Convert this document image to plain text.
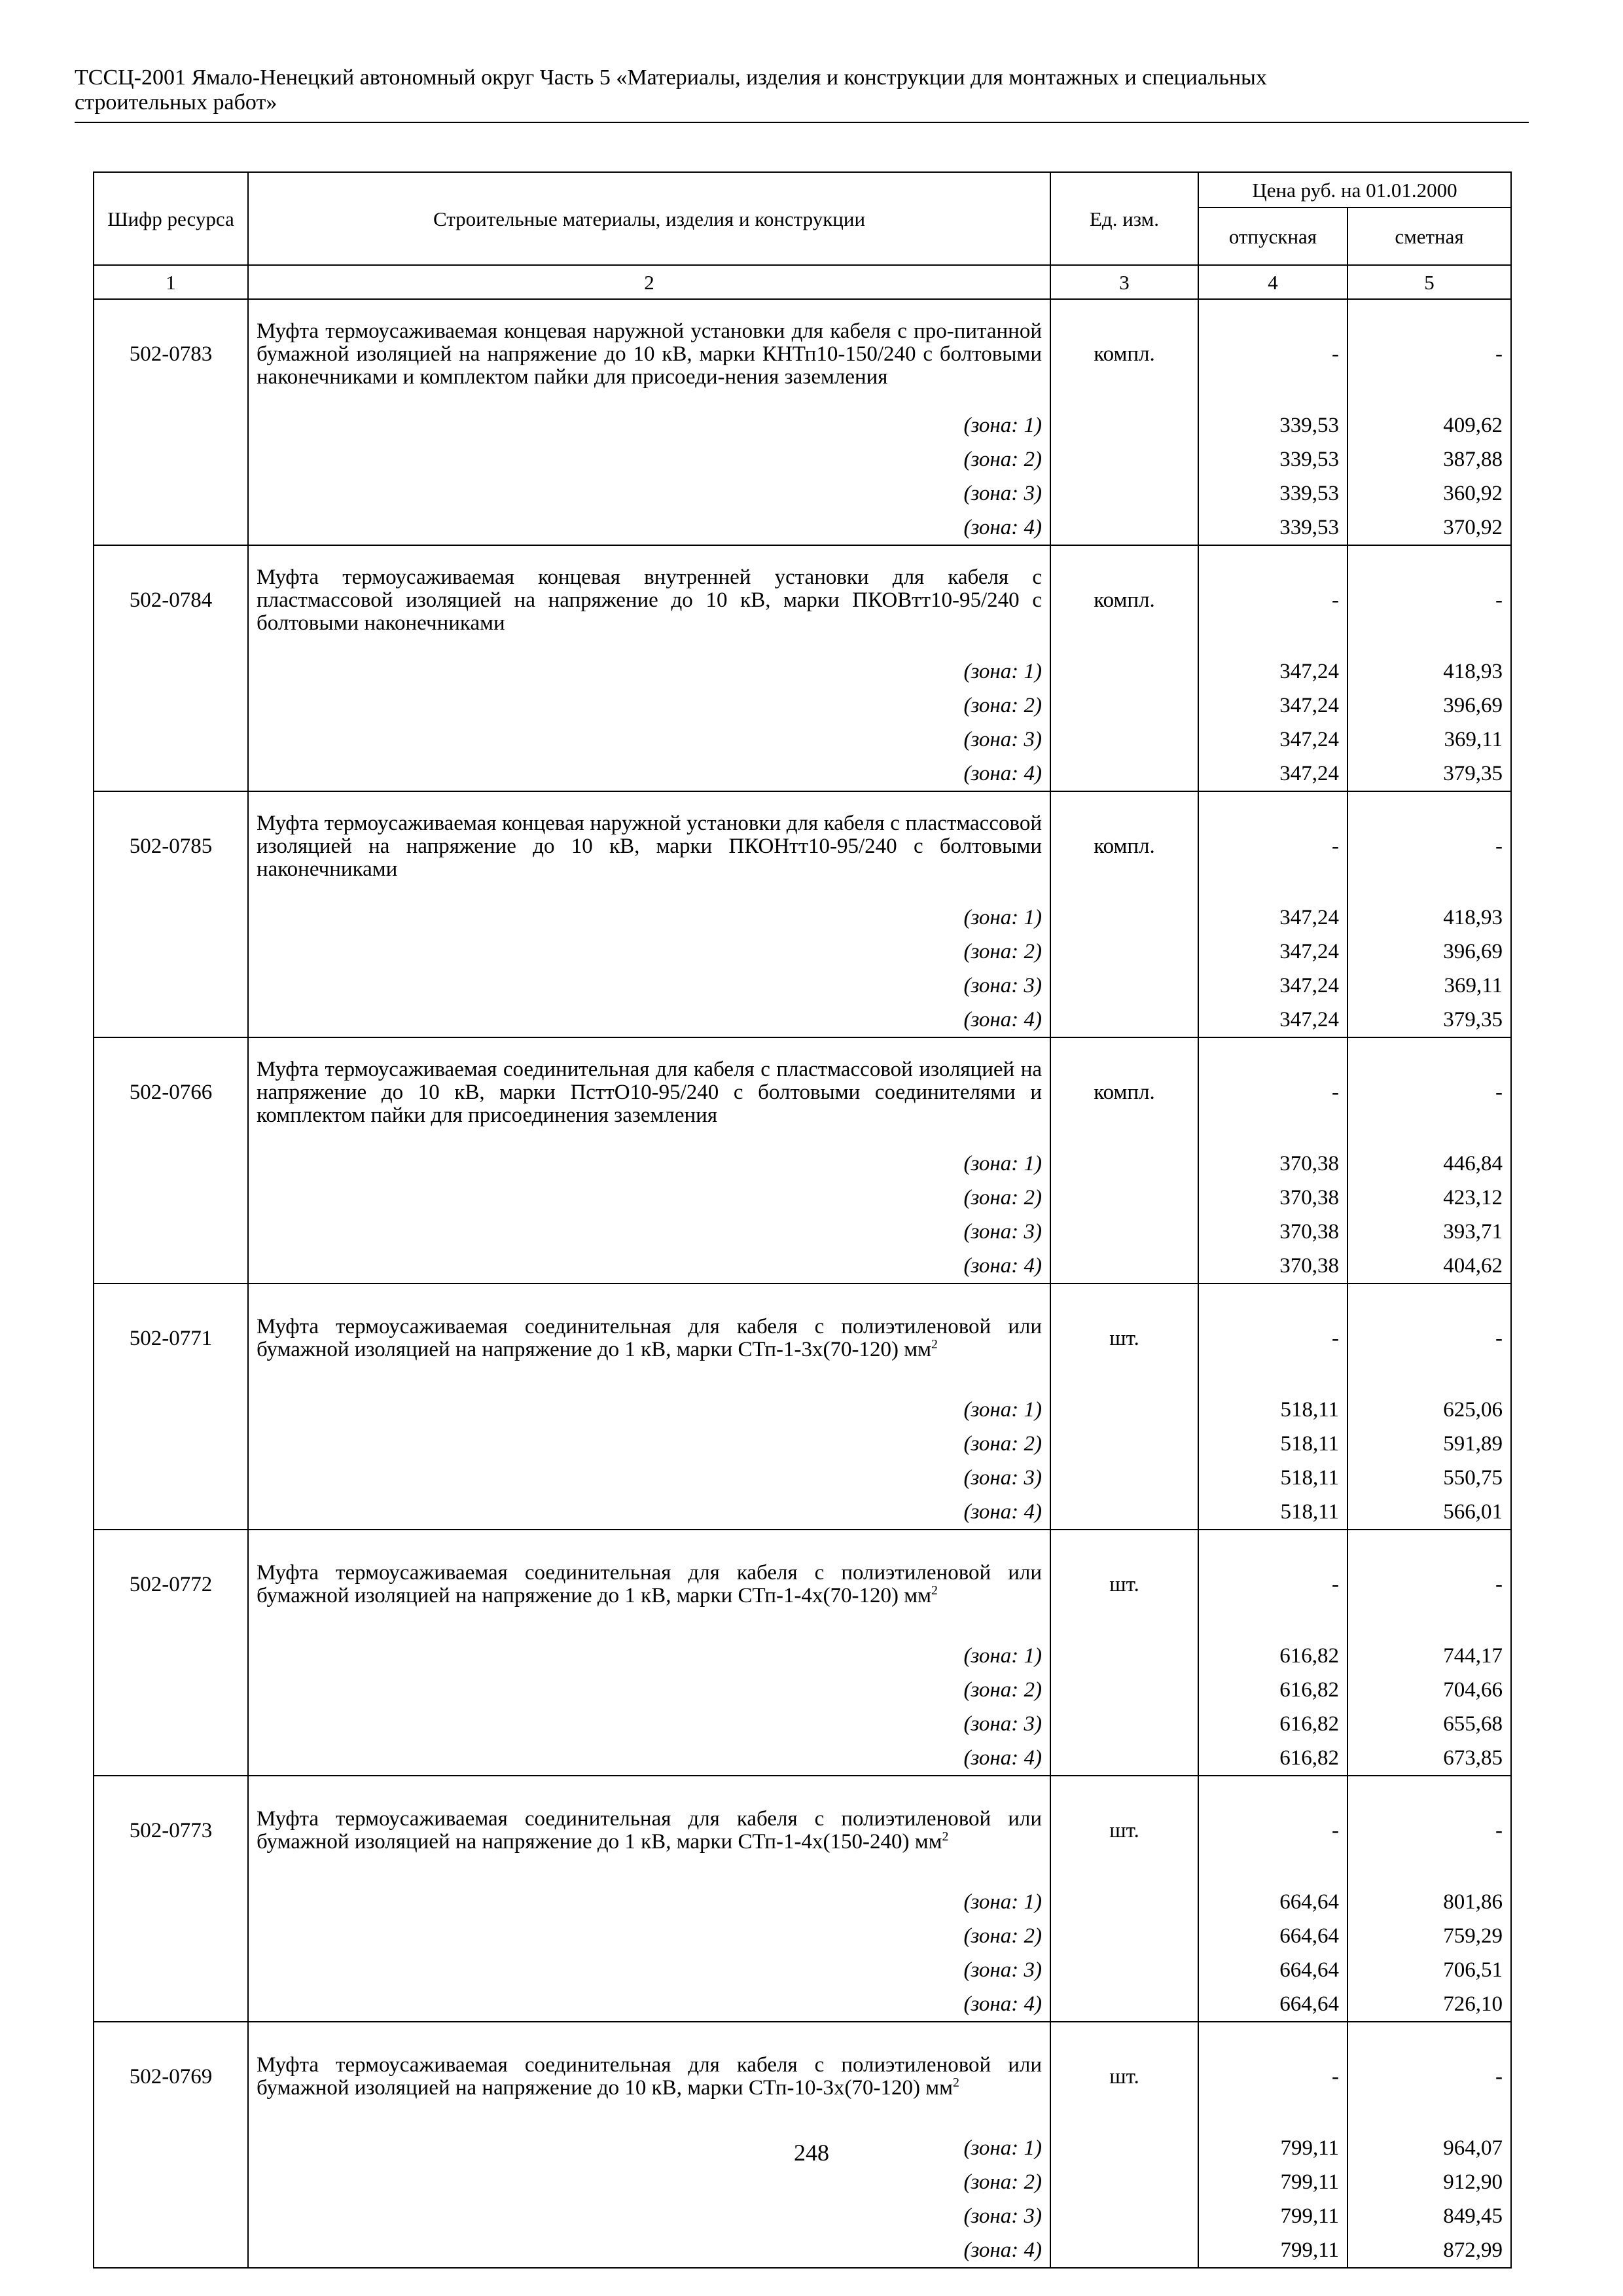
ТССЦ-2001 Ямало-Ненецкий автономный округ Часть 5 «Материалы, изделия и конструкции для монтажных и специальных
строительных работ»
Шифр ресурса	Строительные материалы, изделия и конструкции	Ед. изм.	Цена руб. на 01.01.2000	
			отпускная	сметная
1	2	3	4	5
502-0783	Муфта термоусаживаемая концевая наружной установки для кабеля с про-питанной бумажной изоляцией на напряжение до 10 кВ, марки КНТп10-150/240 с болтовыми наконечниками и комплектом пайки для присоеди-нения заземления	компл.	-	-
	(зона: 1)		339,53	409,62
	(зона: 2)		339,53	387,88
	(зона: 3)		339,53	360,92
	(зона: 4)		339,53	370,92
502-0784	Муфта термоусаживаемая концевая внутренней установки для кабеля с пластмассовой изоляцией на напряжение до 10 кВ, марки ПКОВтт10-95/240 с болтовыми наконечниками	компл.	-	-
	(зона: 1)		347,24	418,93
	(зона: 2)		347,24	396,69
	(зона: 3)		347,24	369,11
	(зона: 4)		347,24	379,35
502-0785	Муфта термоусаживаемая концевая наружной установки для кабеля с пластмассовой изоляцией на напряжение до 10 кВ, марки ПКОНтт10-95/240 с болтовыми наконечниками	компл.	-	-
	(зона: 1)		347,24	418,93
	(зона: 2)		347,24	396,69
	(зона: 3)		347,24	369,11
	(зона: 4)		347,24	379,35
502-0766	Муфта термоусаживаемая соединительная для кабеля с пластмассовой изоляцией на напряжение до 10 кВ, марки ПсттО10-95/240 с болтовыми соединителями и комплектом пайки для присоединения заземления	компл.	-	-
	(зона: 1)		370,38	446,84
	(зона: 2)		370,38	423,12
	(зона: 3)		370,38	393,71
	(зона: 4)		370,38	404,62
502-0771	Муфта термоусаживаемая соединительная для кабеля с полиэтиленовой или бумажной изоляцией на напряжение до 1 кВ, марки СТп-1-3х(70-120) $мм^2$	шт.	-	-
	(зона: 1)		518,11	625,06
	(зона: 2)		518,11	591,89
	(зона: 3)		518,11	550,75
	(зона: 4)		518,11	566,01
502-0772	Муфта термоусаживаемая соединительная для кабеля с полиэтиленовой или бумажной изоляцией на напряжение до 1 кВ, марки СТп-1-4х(70-120) $мм^2$	шт.	-	-
	(зона: 1)		616,82	744,17
	(зона: 2)		616,82	704,66
	(зона: 3)		616,82	655,68
	(зона: 4)		616,82	673,85
502-0773	Муфта термоусаживаемая соединительная для кабеля с полиэтиленовой или бумажной изоляцией на напряжение до 1 кВ, марки СТп-1-4х(150-240) $мм^2$	шт.	-	-
	(зона: 1)		664,64	801,86
	(зона: 2)		664,64	759,29
	(зона: 3)		664,64	706,51
	(зона: 4)		664,64	726,10
502-0769	Муфта термоусаживаемая соединительная для кабеля с полиэтиленовой или бумажной изоляцией на напряжение до 10 кВ, марки СТп-10-3х(70-120) $мм^2$	шт.	-	-
	(зона: 1)		799,11	964,07
	(зона: 2)		799,11	912,90
	(зона: 3)		799,11	849,45
	(зона: 4)		799,11	872,99
248
